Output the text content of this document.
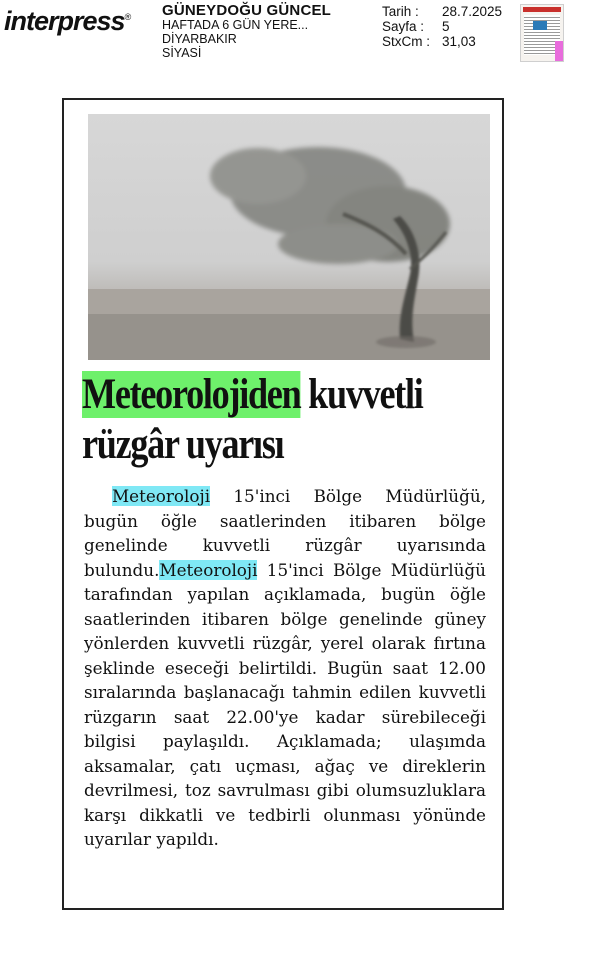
interpress® GÜNEYDOĞU GÜNCEL
HAFTADA 6 GÜN YERE...
DİYARBAKIR
SİYASİ
Tarih :	28.7.2025
Sayfa :	5
StxCm : 31,03
Meteorolojiden kuvvetli
rüzgâr uyarısı

Meteoroloji 15'inci Bölge Müdürlüğü, bugün öğle saatlerinden itibaren bölge genelinde kuvvetli rüzgâr uyarısında bulundu.Meteoroloji 15'inci Bölge Müdürlüğü tarafından yapılan açıklamada, bugün öğle saatlerinden itibaren bölge genelinde güney yönlerden kuvvetli rüzgâr, yerel olarak fırtına şeklinde eseceği belirtildi. Bugün saat 12.00 sıralarında başlanacağı tahmin edilen kuvvetli rüzgarın saat 22.00'ye kadar sürebileceği bilgisi paylaşıldı. Açıklamada; ulaşımda aksamalar, çatı uçması, ağaç ve direklerin devrilmesi, toz savrulması gibi olumsuzluklara karşı dikkatli ve tedbirli olunması yönünde uyarılar yapıldı.
